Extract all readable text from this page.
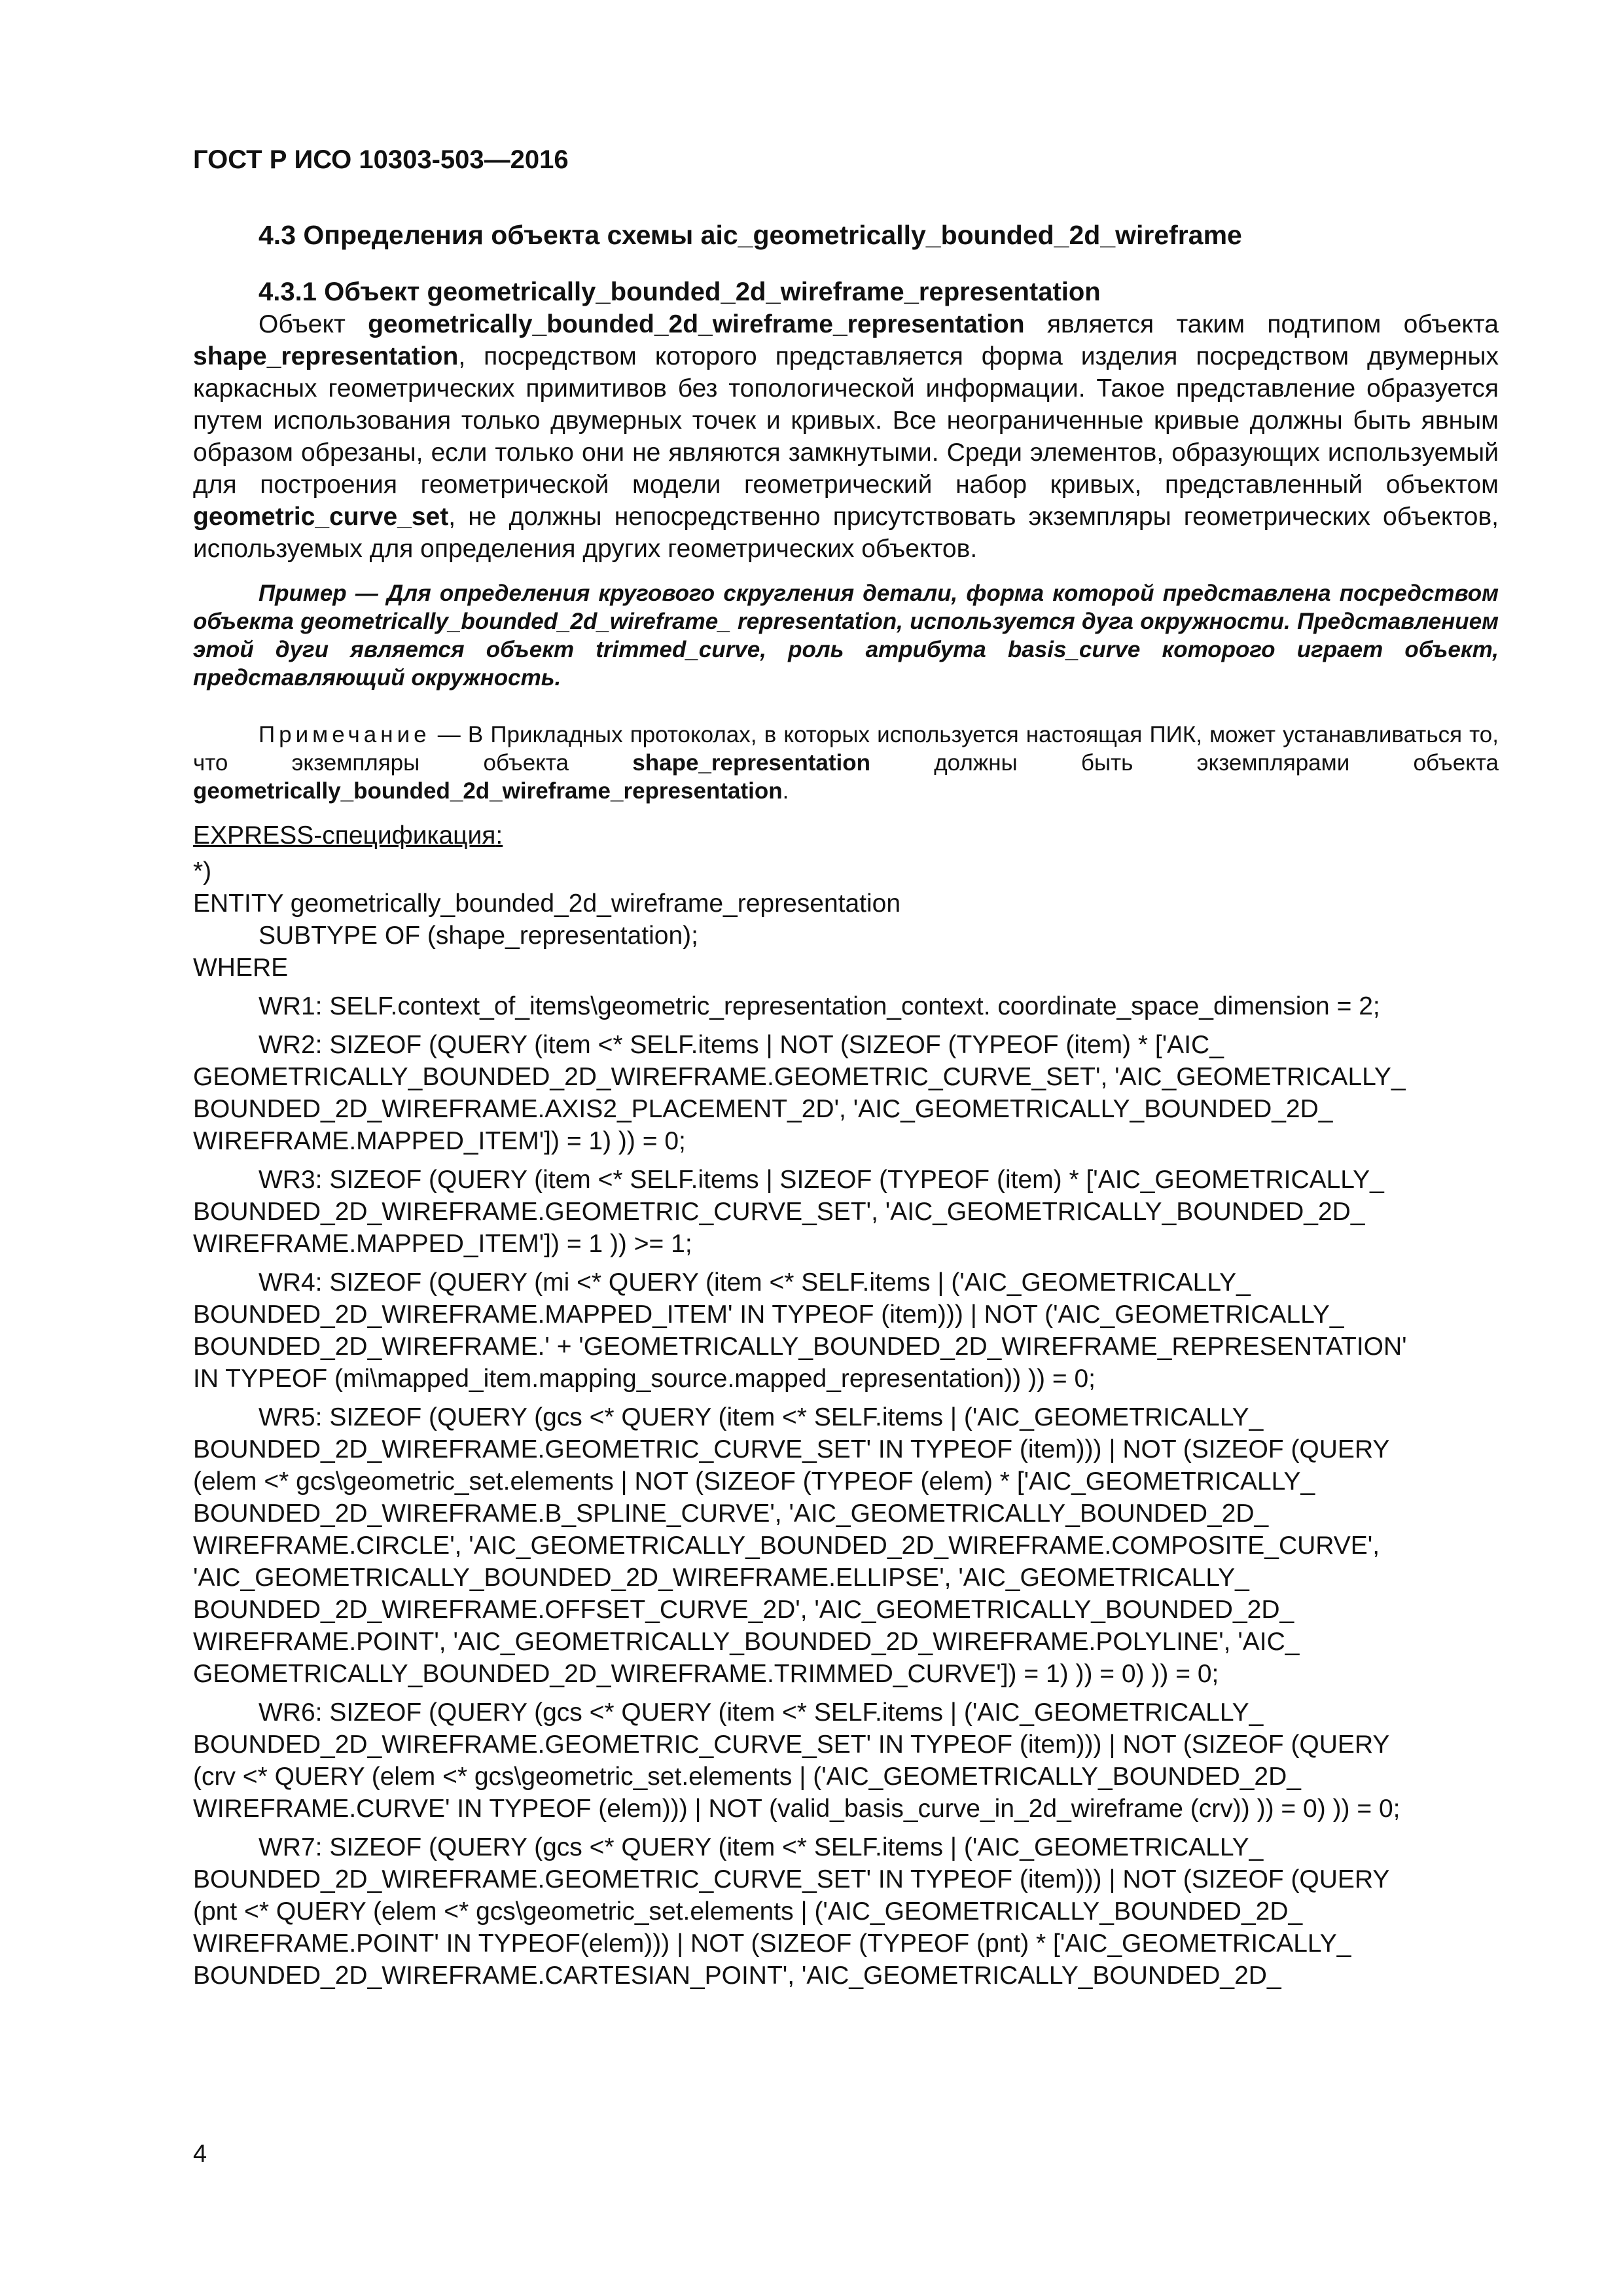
ГОСТ Р ИСО 10303-503—2016
4.3 Определения объекта схемы aic_geometrically_bounded_2d_wireframe
4.3.1 Объект geometrically_bounded_2d_wireframe_representation
Объект geometrically_bounded_2d_wireframe_representation является таким подтипом объекта shape_representation, посредством которого представляется форма изделия посредством двумерных каркасных геометрических примитивов без топологической информации. Такое представление образуется путем использования только двумерных точек и кривых. Все неограниченные кривые должны быть явным образом обрезаны, если только они не являются замкнутыми. Среди элементов, образующих используемый для построения геометрической модели геометрический набор кривых, представленный объектом geometric_curve_set, не должны непосредственно присутствовать экземпляры геометрических объектов, используемых для определения других геометрических объектов.
Пример — Для определения кругового скругления детали, форма которой представлена посредством объекта geometrically_bounded_2d_wireframe_ representation, используется дуга окружности. Представлением этой дуги является объект trimmed_curve, роль атрибута basis_curve которого играет объект, представляющий окружность.
Примечание — В Прикладных протоколах, в которых используется настоящая ПИК, может устанавливаться то, что экземпляры объекта shape_representation должны быть экземплярами объекта geometrically_bounded_2d_wireframe_representation.
EXPRESS-спецификация:
*)
ENTITY geometrically_bounded_2d_wireframe_representation
SUBTYPE OF (shape_representation);
WHERE
WR1: SELF.context_of_items\geometric_representation_context. coordinate_space_dimension = 2;
WR2: SIZEOF (QUERY (item <* SELF.items | NOT (SIZEOF (TYPEOF (item) * ['AIC_
GEOMETRICALLY_BOUNDED_2D_WIREFRAME.GEOMETRIC_CURVE_SET', 'AIC_GEOMETRICALLY_
BOUNDED_2D_WIREFRAME.AXIS2_PLACEMENT_2D', 'AIC_GEOMETRICALLY_BOUNDED_2D_
WIREFRAME.MAPPED_ITEM']) = 1) )) = 0;
WR3: SIZEOF (QUERY (item <* SELF.items | SIZEOF (TYPEOF (item) * ['AIC_GEOMETRICALLY_
BOUNDED_2D_WIREFRAME.GEOMETRIC_CURVE_SET', 'AIC_GEOMETRICALLY_BOUNDED_2D_
WIREFRAME.MAPPED_ITEM']) = 1 )) >= 1;
WR4: SIZEOF (QUERY (mi <* QUERY (item <* SELF.items | ('AIC_GEOMETRICALLY_
BOUNDED_2D_WIREFRAME.MAPPED_ITEM' IN TYPEOF (item))) | NOT ('AIC_GEOMETRICALLY_
BOUNDED_2D_WIREFRAME.' + 'GEOMETRICALLY_BOUNDED_2D_WIREFRAME_REPRESENTATION'
IN TYPEOF (mi\mapped_item.mapping_source.mapped_representation)) )) = 0;
WR5: SIZEOF (QUERY (gcs <* QUERY (item <* SELF.items | ('AIC_GEOMETRICALLY_
BOUNDED_2D_WIREFRAME.GEOMETRIC_CURVE_SET' IN TYPEOF (item))) | NOT (SIZEOF (QUERY
(elem <* gcs\geometric_set.elements | NOT (SIZEOF (TYPEOF (elem) * ['AIC_GEOMETRICALLY_
BOUNDED_2D_WIREFRAME.B_SPLINE_CURVE', 'AIC_GEOMETRICALLY_BOUNDED_2D_
WIREFRAME.CIRCLE', 'AIC_GEOMETRICALLY_BOUNDED_2D_WIREFRAME.COMPOSITE_CURVE',
'AIC_GEOMETRICALLY_BOUNDED_2D_WIREFRAME.ELLIPSE', 'AIC_GEOMETRICALLY_
BOUNDED_2D_WIREFRAME.OFFSET_CURVE_2D', 'AIC_GEOMETRICALLY_BOUNDED_2D_
WIREFRAME.POINT', 'AIC_GEOMETRICALLY_BOUNDED_2D_WIREFRAME.POLYLINE', 'AIC_
GEOMETRICALLY_BOUNDED_2D_WIREFRAME.TRIMMED_CURVE']) = 1) )) = 0) )) = 0;
WR6: SIZEOF (QUERY (gcs <* QUERY (item <* SELF.items | ('AIC_GEOMETRICALLY_
BOUNDED_2D_WIREFRAME.GEOMETRIC_CURVE_SET' IN TYPEOF (item))) | NOT (SIZEOF (QUERY
(crv <* QUERY (elem <* gcs\geometric_set.elements | ('AIC_GEOMETRICALLY_BOUNDED_2D_
WIREFRAME.CURVE' IN TYPEOF (elem))) | NOT (valid_basis_curve_in_2d_wireframe (crv)) )) = 0) )) = 0;
WR7: SIZEOF (QUERY (gcs <* QUERY (item <* SELF.items | ('AIC_GEOMETRICALLY_
BOUNDED_2D_WIREFRAME.GEOMETRIC_CURVE_SET' IN TYPEOF (item))) | NOT (SIZEOF (QUERY
(pnt <* QUERY (elem <* gcs\geometric_set.elements | ('AIC_GEOMETRICALLY_BOUNDED_2D_
WIREFRAME.POINT' IN TYPEOF(elem))) | NOT (SIZEOF (TYPEOF (pnt) * ['AIC_GEOMETRICALLY_
BOUNDED_2D_WIREFRAME.CARTESIAN_POINT', 'AIC_GEOMETRICALLY_BOUNDED_2D_
4
